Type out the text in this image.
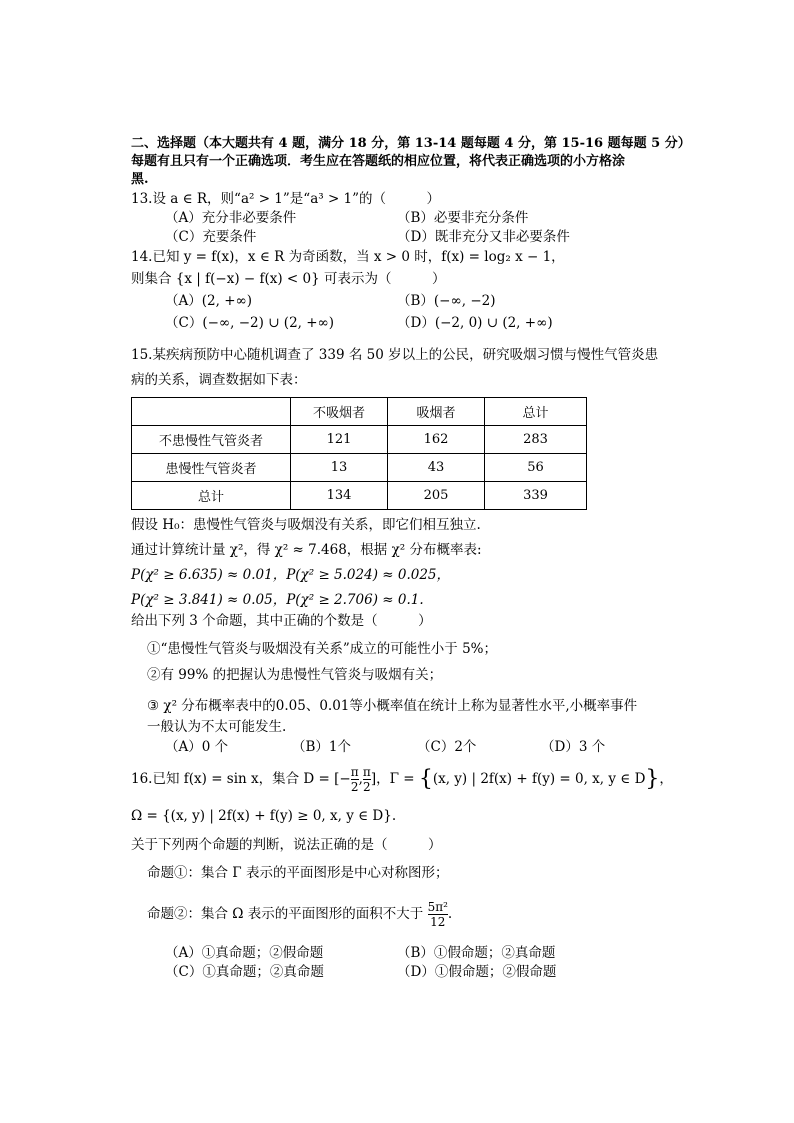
二、选择题（本大题共有 4 题，满分 18 分，第 13-14 题每题 4 分，第 15-16 题每题 5 分）
每题有且只有一个正确选项．考生应在答题纸的相应位置，将代表正确选项的小方格涂
黑.
13.设 a ∈ R，则“a² > 1”是“a³ > 1”的（　　　）
（A）充分非必要条件	（B）必要非充分条件
（C）充要条件	（D）既非充分又非必要条件
14.已知 y = f(x)，x ∈ R 为奇函数，当 x > 0 时，f(x) = log₂ x − 1，
则集合 {x | f(−x) − f(x) < 0} 可表示为（　　　）
（A）(2, +∞)	（B）(−∞, −2)
（C）(−∞, −2) ∪ (2, +∞)	（D）(−2, 0) ∪ (2, +∞)
15.某疾病预防中心随机调查了 339 名 50 岁以上的公民，研究吸烟习惯与慢性气管炎患
病的关系，调查数据如下表：
	不吸烟者	吸烟者	总计
不患慢性气管炎者	121	162	283
患慢性气管炎者	13	43	56
总计	134	205	339
假设 H₀：患慢性气管炎与吸烟没有关系，即它们相互独立.
通过计算统计量 χ²，得 χ² ≈ 7.468，根据 χ² 分布概率表:
P(χ² ≥ 6.635) ≈ 0.01，P(χ² ≥ 5.024) ≈ 0.025，
P(χ² ≥ 3.841) ≈ 0.05，P(χ² ≥ 2.706) ≈ 0.1.
给出下列 3 个命题，其中正确的个数是（　　　）
①“患慢性气管炎与吸烟没有关系”成立的可能性小于 5%；
②有 99% 的把握认为患慢性气管炎与吸烟有关；
③ χ² 分布概率表中的0.05、0.01等小概率值在统计上称为显著性水平,小概率事件
一般认为不太可能发生.
（A）0 个	（B）1个	（C）2个	（D）3 个
16.已知 f(x) = sin x，集合 D = [− $\frac{\pi}{2}$ , $\frac{\pi}{2}$ ]，Γ = {(x, y) | 2f(x) + f(y) = 0, x, y ∈ D}，
Ω = {(x, y) | 2f(x) + f(y) ≥ 0, x, y ∈ D}.
关于下列两个命题的判断，说法正确的是（　　　）
命题①：集合 Γ 表示的平面图形是中心对称图形；
命题②：集合 Ω 表示的平面图形的面积不大于 $\frac{\text{5π²}}{12}$ .
（A）①真命题；②假命题	（B）①假命题；②真命题
（C）①真命题；②真命题	（D）①假命题；②假命题
